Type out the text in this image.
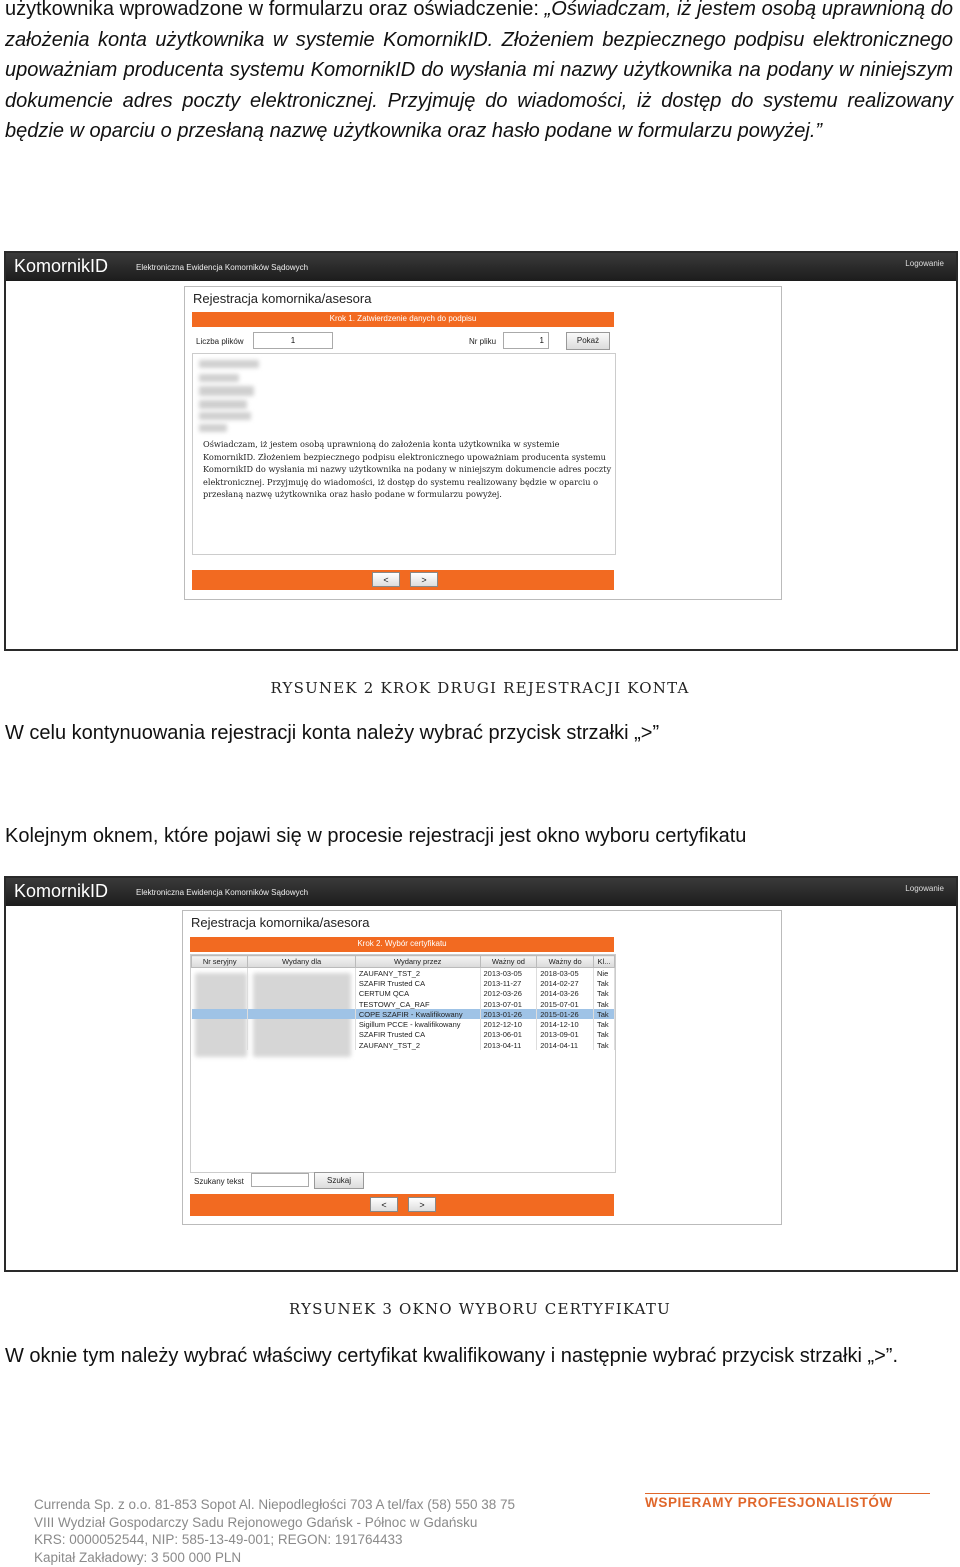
użytkownika wprowadzone w formularzu oraz oświadczenie: „Oświadczam, iż jestem osobą uprawnioną do założenia konta użytkownika w systemie KomornikID. Złożeniem bezpiecznego podpisu elektronicznego upoważniam producenta systemu KomornikID do wysłania mi nazwy użytkownika na podany w niniejszym dokumencie adres poczty elektronicznej. Przyjmuję do wiadomości, iż dostęp do systemu realizowany będzie w oparciu o przesłaną nazwę użytkownika oraz hasło podane w formularzu powyżej.”
KomornikID	Elektroniczna Ewidencja Komorników Sądowych	Logowanie
Rejestracja komornika/asesora
Krok 1. Zatwierdzenie danych do podpisu
Liczba plików	1	Nr pliku	1	Pokaż
Oświadczam, iż jestem osobą uprawnioną do założenia konta użytkownika w systemie KomornikID. Złożeniem bezpiecznego podpisu elektronicznego upoważniam producenta systemu KomornikID do wysłania mi nazwy użytkownika na podany w niniejszym dokumencie adres poczty elektronicznej. Przyjmuję do wiadomości, iż dostęp do systemu realizowany będzie w oparciu o przesłaną nazwę użytkownika oraz hasło podane w formularzu powyżej.
<	>
RYSUNEK 2 KROK DRUGI REJESTRACJI KONTA
W celu kontynuowania rejestracji konta należy wybrać przycisk strzałki „>”
Kolejnym oknem, które pojawi się w procesie rejestracji jest okno wyboru certyfikatu
KomornikID	Elektroniczna Ewidencja Komorników Sądowych	Logowanie
Rejestracja komornika/asesora
Krok 2. Wybór certyfikatu
Nr seryjny	Wydany dla	Wydany przez	Ważny od	Ważny do	Kl...
		ZAUFANY_TST_2	2013-03-05	2018-03-05	Nie
		SZAFIR Trusted CA	2013-11-27	2014-02-27	Tak
		CERTUM QCA	2012-03-26	2014-03-26	Tak
		TESTOWY_CA_RAF	2013-07-01	2015-07-01	Tak
		COPE SZAFIR - Kwalifikowany	2013-01-26	2015-01-26	Tak
		Sigillum PCCE - kwalifikowany	2012-12-10	2014-12-10	Tak
		SZAFIR Trusted CA	2013-06-01	2013-09-01	Tak
		ZAUFANY_TST_2	2013-04-11	2014-04-11	Tak
Szukany tekst	Szukaj
<	>
RYSUNEK 3 OKNO WYBORU CERTYFIKATU
W oknie tym należy wybrać właściwy certyfikat kwalifikowany i następnie wybrać przycisk strzałki „>”.
Currenda Sp. z o.o. 81-853 Sopot Al. Niepodległości 703 A tel/fax (58) 550 38 75
VIII Wydział Gospodarczy Sadu Rejonowego Gdańsk - Północ w Gdańsku
KRS: 0000052544, NIP: 585-13-49-001; REGON: 191764433
Kapitał Zakładowy: 3 500 000 PLN
WSPIERAMY PROFESJONALISTÓW
